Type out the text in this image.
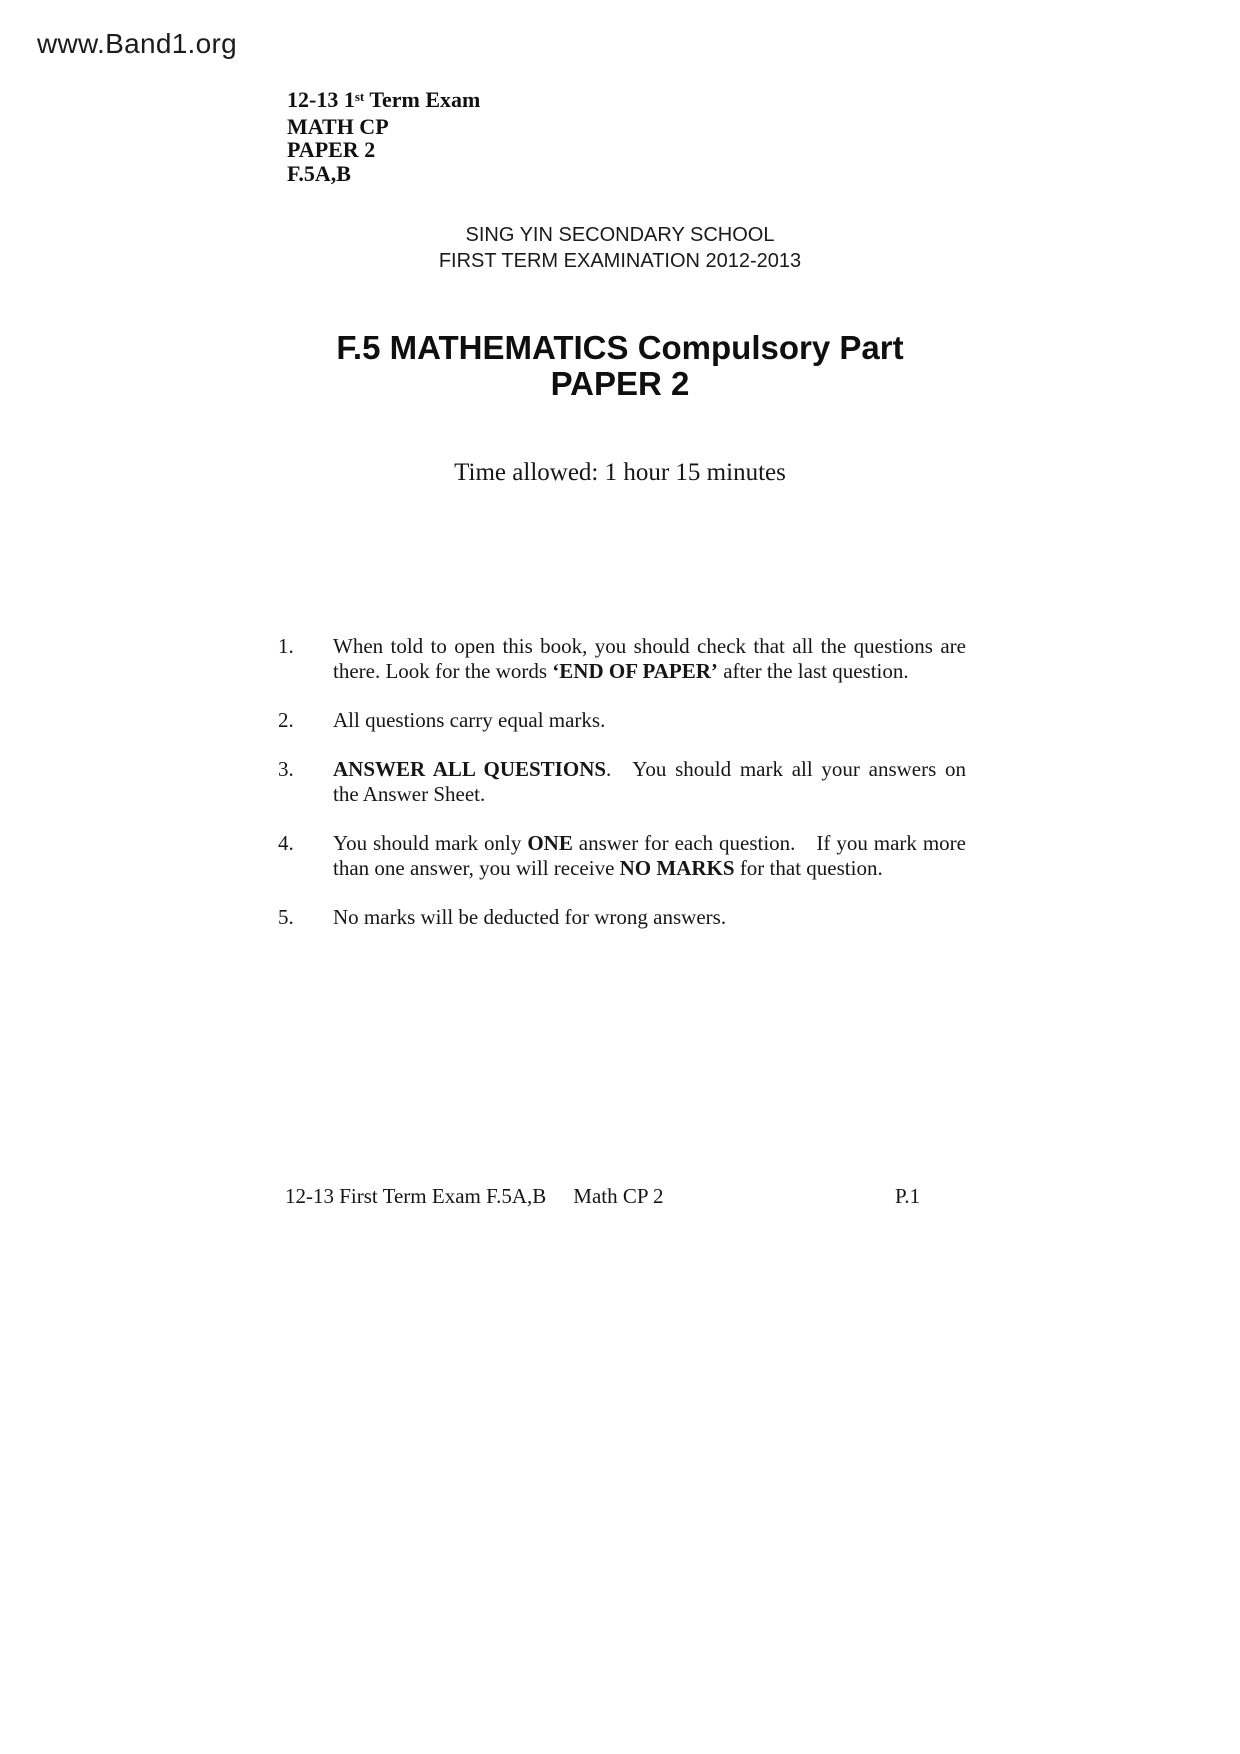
www.Band1.org
12-13 1st Term Exam
MATH CP
PAPER 2
F.5A,B
SING YIN SECONDARY SCHOOL
FIRST TERM EXAMINATION 2012-2013
F.5 MATHEMATICS Compulsory Part
PAPER 2
Time allowed: 1 hour 15 minutes
1. When told to open this book, you should check that all the questions are there. Look for the words ‘END OF PAPER’ after the last question.
2. All questions carry equal marks.
3. ANSWER ALL QUESTIONS. You should mark all your answers on the Answer Sheet.
4. You should mark only ONE answer for each question. If you mark more than one answer, you will receive NO MARKS for that question.
5. No marks will be deducted for wrong answers.
12-13 First Term Exam F.5A,B Math CP 2	P.1
